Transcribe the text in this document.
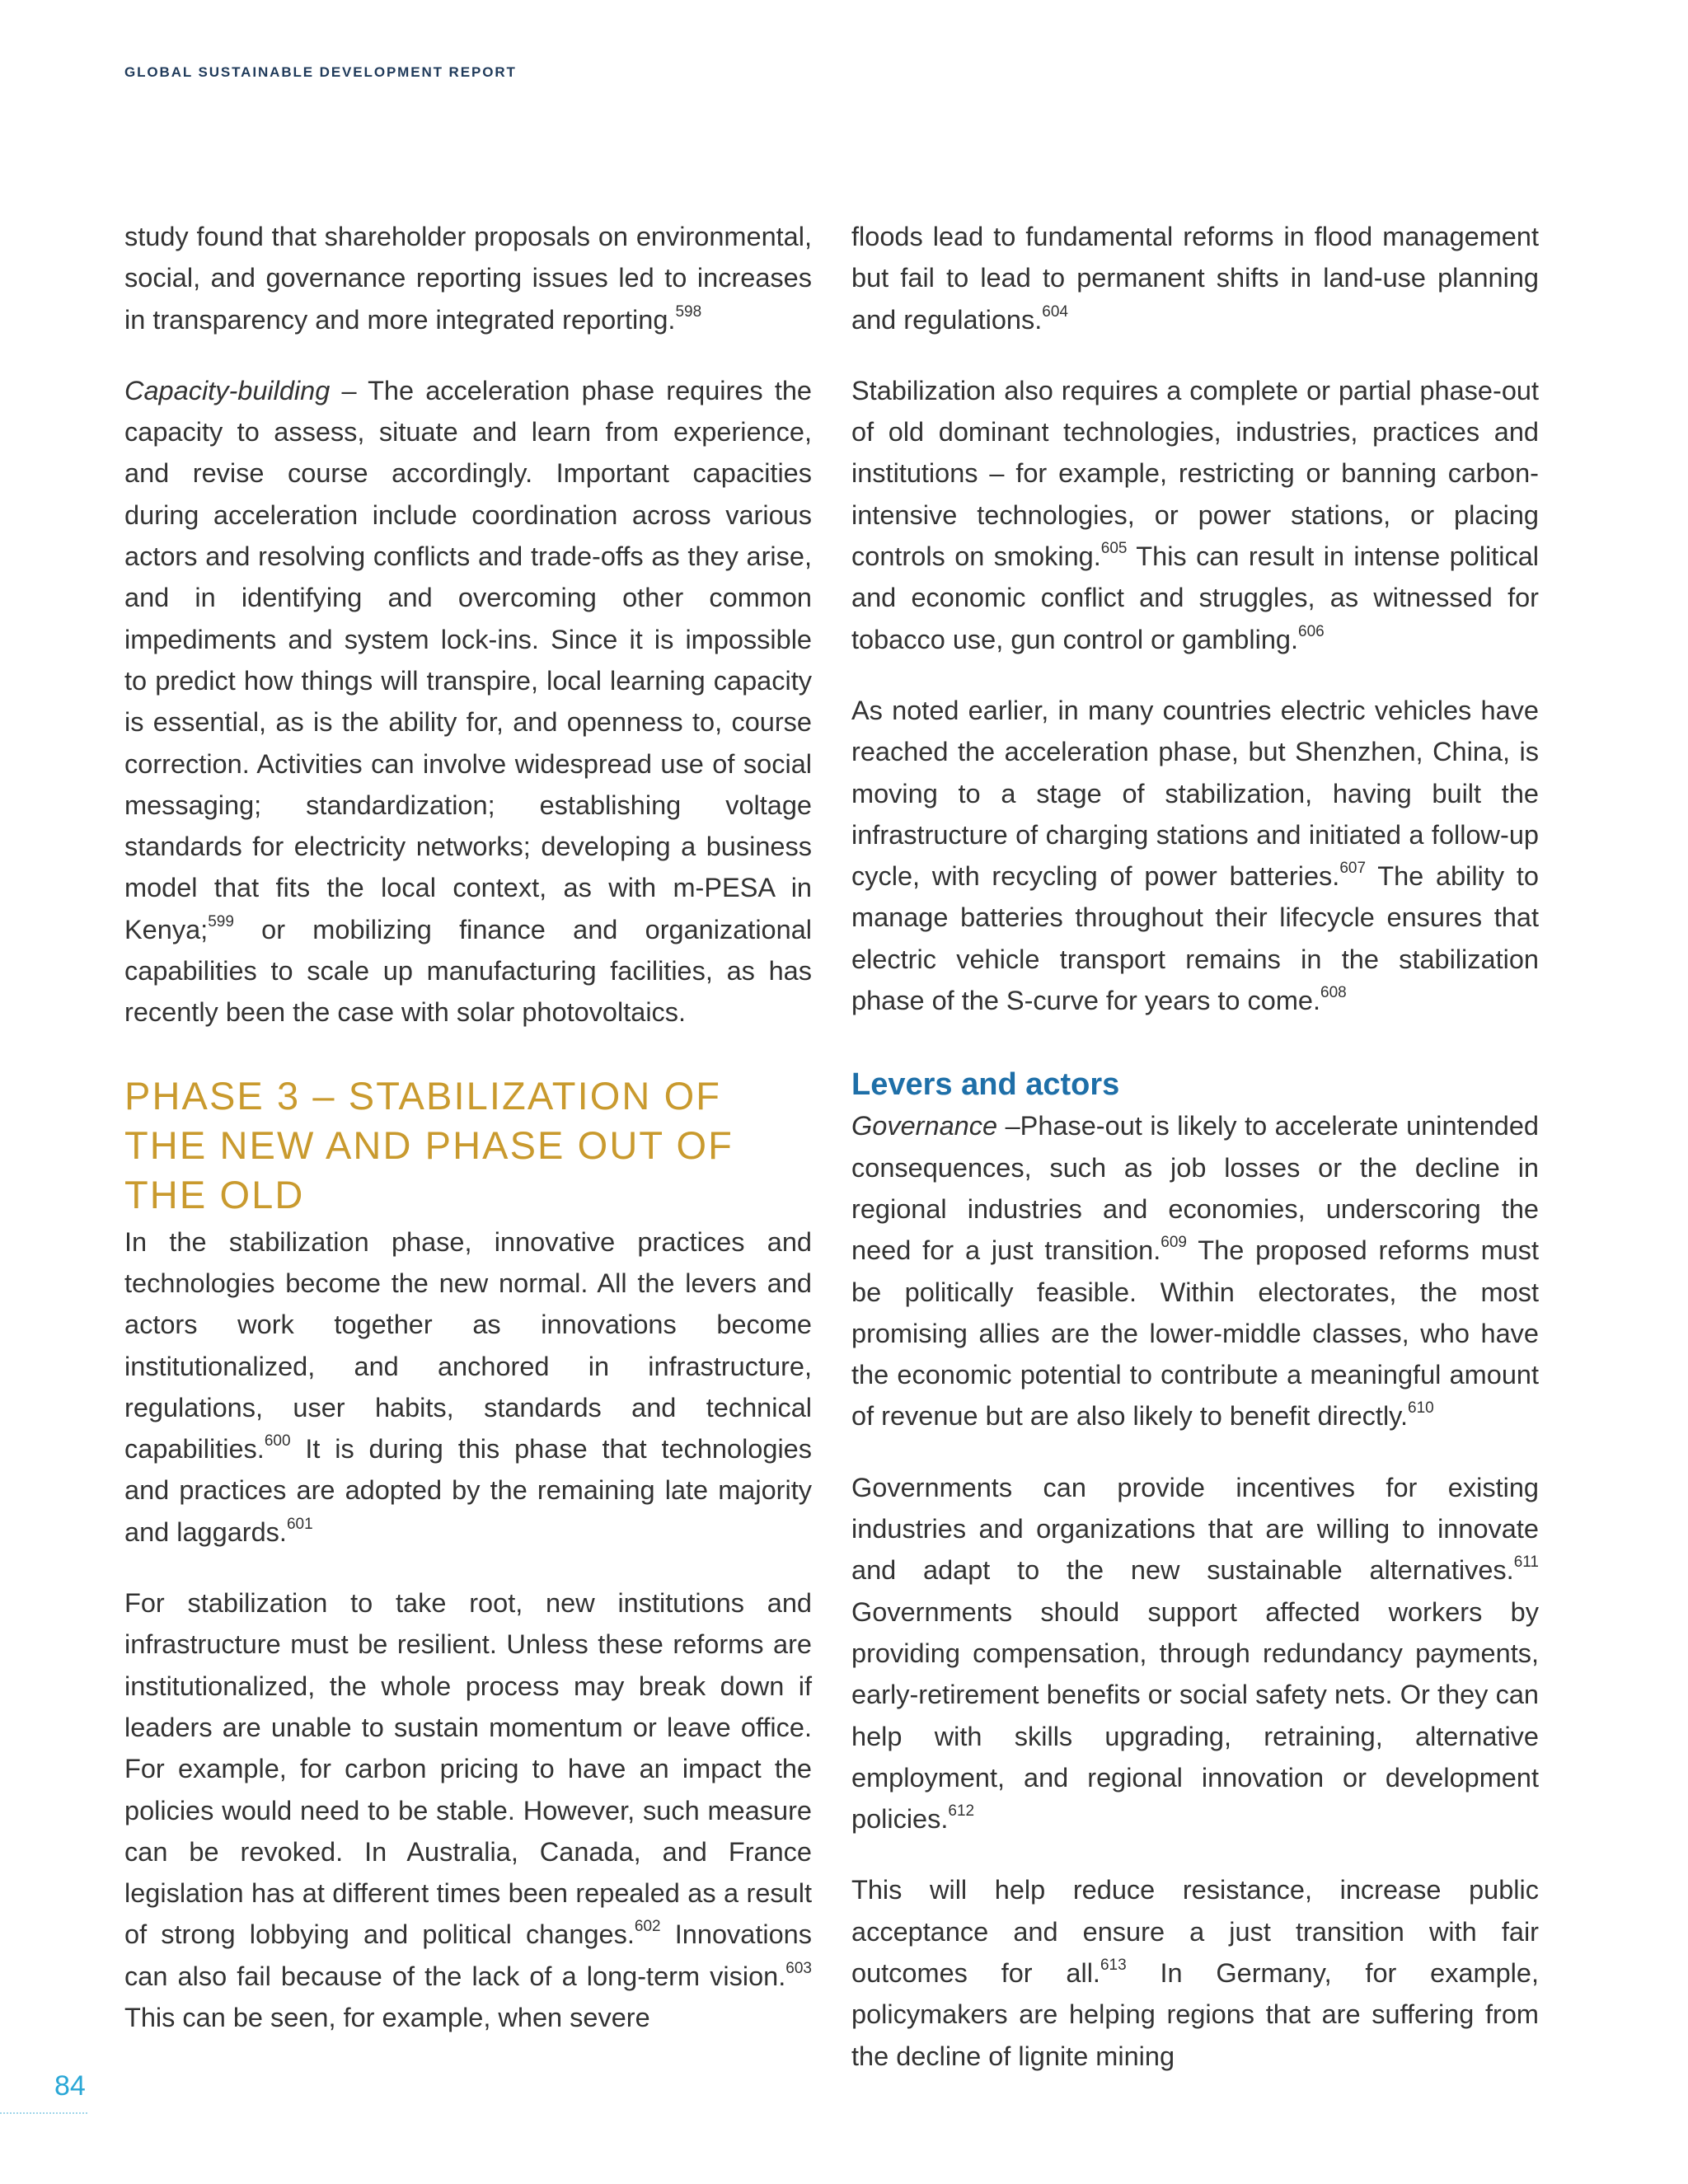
GLOBAL SUSTAINABLE DEVELOPMENT REPORT

study found that shareholder proposals on environmental, social, and governance reporting issues led to increases in transparency and more integrated reporting.$^{598}$

Capacity-building – The acceleration phase requires the capacity to assess, situate and learn from experience, and revise course accordingly. Important capacities during acceleration include coordination across various actors and resolving conflicts and trade-offs as they arise, and in identifying and overcoming other common impediments and system lock-ins. Since it is impossible to predict how things will transpire, local learning capacity is essential, as is the ability for, and openness to, course correction. Activities can involve widespread use of social messaging; standardization; establishing voltage standards for electricity networks; developing a business model that fits the local context, as with m-PESA in Kenya;$^{599}$ or mobilizing finance and organizational capabilities to scale up manufacturing facilities, as has recently been the case with solar photovoltaics.

PHASE 3 – STABILIZATION OF THE NEW AND PHASE OUT OF THE OLD

In the stabilization phase, innovative practices and technologies become the new normal. All the levers and actors work together as innovations become institutionalized, and anchored in infrastructure, regulations, user habits, standards and technical capabilities.$^{600}$ It is during this phase that technologies and practices are adopted by the remaining late majority and laggards.$^{601}$

For stabilization to take root, new institutions and infrastructure must be resilient. Unless these reforms are institutionalized, the whole process may break down if leaders are unable to sustain momentum or leave office. For example, for carbon pricing to have an impact the policies would need to be stable. However, such measure can be revoked. In Australia, Canada, and France legislation has at different times been repealed as a result of strong lobbying and political changes.$^{602}$ Innovations can also fail because of the lack of a long-term vision.$^{603}$ This can be seen, for example, when severe

floods lead to fundamental reforms in flood management but fail to lead to permanent shifts in land-use planning and regulations.$^{604}$

Stabilization also requires a complete or partial phase-out of old dominant technologies, industries, practices and institutions – for example, restricting or banning carbon-intensive technologies, or power stations, or placing controls on smoking.$^{605}$ This can result in intense political and economic conflict and struggles, as witnessed for tobacco use, gun control or gambling.$^{606}$

As noted earlier, in many countries electric vehicles have reached the acceleration phase, but Shenzhen, China, is moving to a stage of stabilization, having built the infrastructure of charging stations and initiated a follow-up cycle, with recycling of power batteries.$^{607}$ The ability to manage batteries throughout their lifecycle ensures that electric vehicle transport remains in the stabilization phase of the S-curve for years to come.$^{608}$

Levers and actors

Governance –Phase-out is likely to accelerate unintended consequences, such as job losses or the decline in regional industries and economies, underscoring the need for a just transition.$^{609}$ The proposed reforms must be politically feasible. Within electorates, the most promising allies are the lower-middle classes, who have the economic potential to contribute a meaningful amount of revenue but are also likely to benefit directly.$^{610}$

Governments can provide incentives for existing industries and organizations that are willing to innovate and adapt to the new sustainable alternatives.$^{611}$ Governments should support affected workers by providing compensation, through redundancy payments, early-retirement benefits or social safety nets. Or they can help with skills upgrading, retraining, alternative employment, and regional innovation or development policies.$^{612}$

This will help reduce resistance, increase public acceptance and ensure a just transition with fair outcomes for all.$^{613}$ In Germany, for example, policymakers are helping regions that are suffering from the decline of lignite mining

84
